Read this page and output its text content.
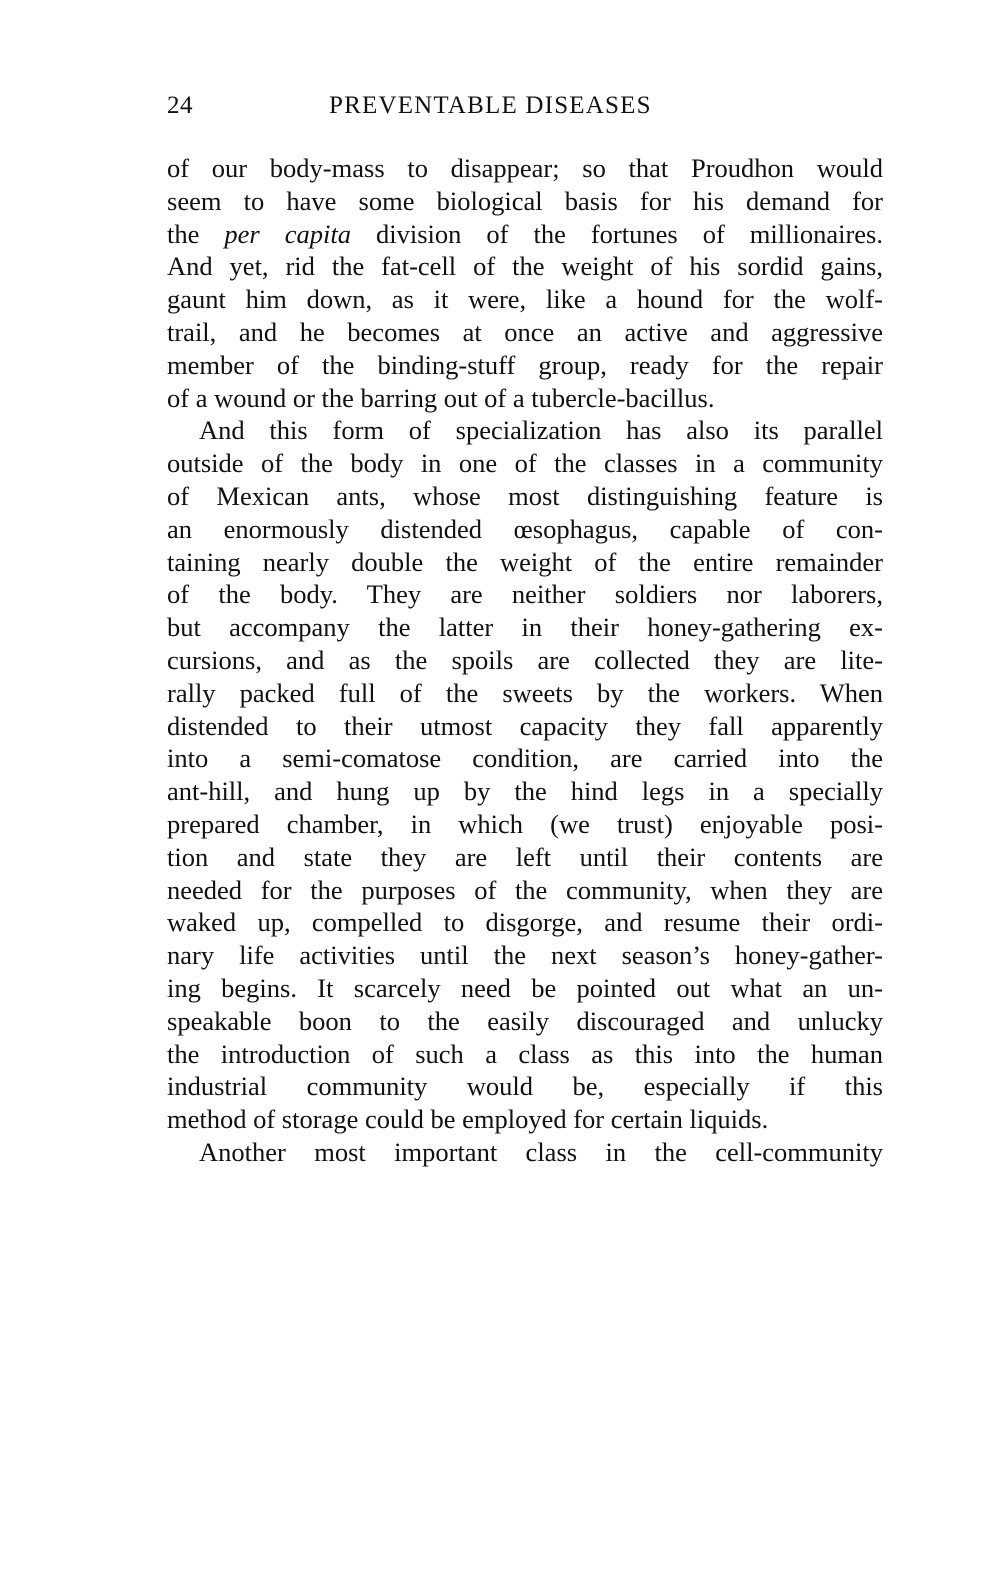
24	PREVENTABLE DISEASES
of our body-mass to disappear; so that Proudhon would
seem to have some biological basis for his demand for
the per capita division of the fortunes of millionaires.
And yet, rid the fat-cell of the weight of his sordid gains,
gaunt him down, as it were, like a hound for the wolf-
trail, and he becomes at once an active and aggressive
member of the binding-stuff group, ready for the repair
of a wound or the barring out of a tubercle-bacillus.
And this form of specialization has also its parallel
outside of the body in one of the classes in a community
of Mexican ants, whose most distinguishing feature is
an enormously distended œsophagus, capable of con-
taining nearly double the weight of the entire remainder
of the body. They are neither soldiers nor laborers,
but accompany the latter in their honey-gathering ex-
cursions, and as the spoils are collected they are lite-
rally packed full of the sweets by the workers. When
distended to their utmost capacity they fall apparently
into a semi-comatose condition, are carried into the
ant-hill, and hung up by the hind legs in a specially
prepared chamber, in which (we trust) enjoyable posi-
tion and state they are left until their contents are
needed for the purposes of the community, when they are
waked up, compelled to disgorge, and resume their ordi-
nary life activities until the next season’s honey-gather-
ing begins. It scarcely need be pointed out what an un-
speakable boon to the easily discouraged and unlucky
the introduction of such a class as this into the human
industrial community would be, especially if this
method of storage could be employed for certain liquids.
Another most important class in the cell-community
